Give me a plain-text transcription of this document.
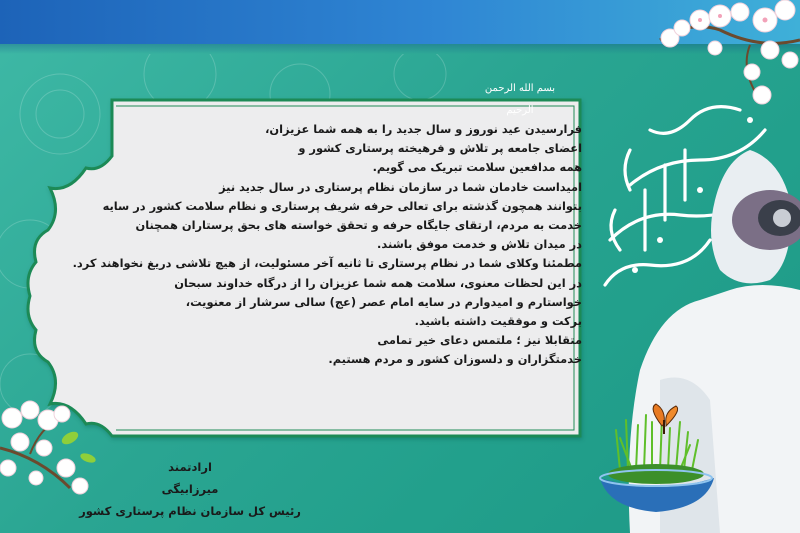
بسم الله الرحمن الرحيم
فرارسیدن عید نوروز و سال جدید را به همه شما عزیزان،
اعضای جامعه پر تلاش و فرهیخته پرستاری کشور و
همه مدافعین سلامت تبریک می گویم.
امیداست خادمان شما در سازمان نظام پرستاری در سال جدید نیز
بتوانند همچون گذشته برای تعالی حرفه شریف پرستاری و نظام سلامت کشور در سایه
خدمت به مردم، ارتقای جایگاه حرفه و تحقق خواسته های بحق پرستاران همچنان
در میدان تلاش و خدمت موفق باشند.
مطمئنا وکلای شما در نظام پرستاری تا ثانیه آخر مسئولیت، از هیچ تلاشی دریغ نخواهند کرد.
در این لحظات معنوی، سلامت همه شما عزیزان را از درگاه خداوند سبحان
خواستارم و امیدوارم در سایه امام عصر (عج) سالی سرشار از معنویت،
برکت و موفقیت داشته باشید.
متقابلا نیز ؛ ملتمس دعای خیر تمامی
خدمتگزاران و دلسوزان کشور و مردم هستیم.
ارادتمند
میرزابیگی
رئیس کل سازمان نظام پرستاری کشور
